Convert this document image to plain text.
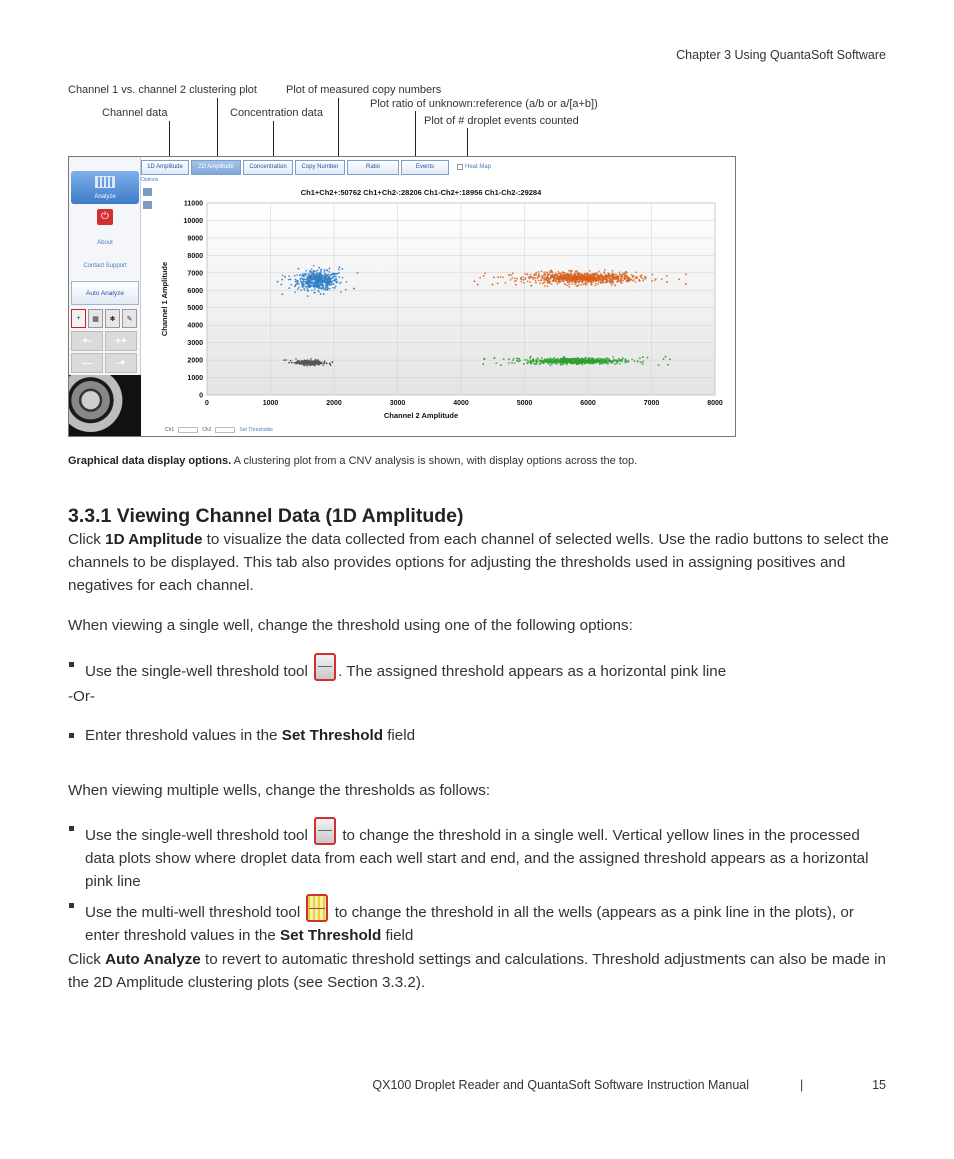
Chapter 3 Using QuantaSoft Software
Channel 1 vs. channel 2 clustering plot	Plot of measured copy numbers
Channel data	Concentration data
Plot ratio of unknown:reference (a/b or a/[a+b])
Plot of # droplet events counted
Analyze
⏻
About
Contact Support
Auto Analyze
+	▦	✱	✎
+-	++
—	-+
1D Amplitude	2D Amplitude	Concentration	Copy Number	Ratio	Events	Heat Map
Options
0	1000	2000	3000	4000	5000	6000	7000	8000
0
1000
2000
3000
4000
5000
6000
7000
8000
9000
10000
11000
Ch1+Ch2+:50762 Ch1+Ch2-:28206 Ch1-Ch2+:18956 Ch1-Ch2-:29284
Channel 2 Amplitude
Channel 1 Amplitude
Ch1	Ch2	Set Thresholds
Graphical data display options. A clustering plot from a CNV analysis is shown, with display options across the top.
3.3.1 Viewing Channel Data (1D Amplitude)
Click 1D Amplitude to visualize the data collected from each channel of selected wells. Use the radio buttons to select the channels to be displayed. This tab also provides options for adjusting the thresholds used in assigning positives and negatives for each channel.
When viewing a single well, change the threshold using one of the following options:
Use the single-well threshold tool . The assigned threshold appears as a horizontal pink line
-Or-
Enter threshold values in the Set Threshold field
When viewing multiple wells, change the thresholds as follows:
Use the single-well threshold tool  to change the threshold in a single well. Vertical yellow lines in the processed data plots show where droplet data from each well start and end, and the assigned threshold appears as a horizontal pink line
Use the multi-well threshold tool  to change the threshold in all the wells (appears as a pink line in the plots), or enter threshold values in the Set Threshold field
Click Auto Analyze to revert to automatic threshold settings and calculations. Threshold adjustments can also be made in the 2D Amplitude clustering plots (see Section 3.3.2).
QX100 Droplet Reader and QuantaSoft Software Instruction Manual	|	15
